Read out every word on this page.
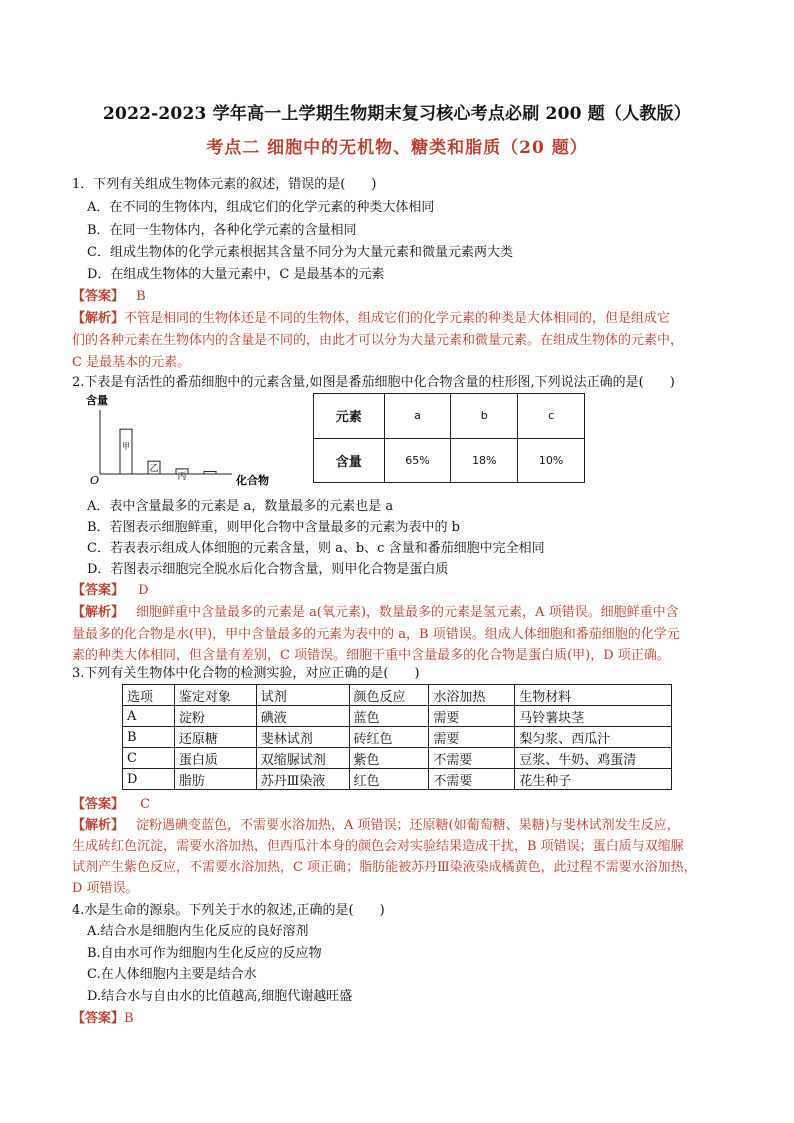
2022-2023 学年高一上学期生物期末复习核心考点必刷 200 题（人教版）
考点二 细胞中的无机物、糖类和脂质（20 题）
1．下列有关组成生物体元素的叙述，错误的是(　　)
A．在不同的生物体内，组成它们的化学元素的种类大体相同
B．在同一生物体内，各种化学元素的含量相同
C．组成生物体的化学元素根据其含量不同分为大量元素和微量元素两大类
D．在组成生物体的大量元素中，C 是最基本的元素
【答案】 B
【解析】不管是相同的生物体还是不同的生物体，组成它们的化学元素的种类是大体相同的，但是组成它
们的各种元素在生物体内的含量是不同的，由此才可以分为大量元素和微量元素。在组成生物体的元素中，
C 是最基本的元素。
2.下表是有活性的番茄细胞中的元素含量,如图是番茄细胞中化合物含量的柱形图,下列说法正确的是(　　)
含量
甲
乙
丙
O	化合物
元素	a	b	c
含量	65%	18%	10%
A．表中含量最多的元素是 a，数量最多的元素也是 a
B．若图表示细胞鲜重，则甲化合物中含量最多的元素为表中的 b
C．若表表示组成人体细胞的元素含量，则 a、b、c 含量和番茄细胞中完全相同
D．若图表示细胞完全脱水后化合物含量，则甲化合物是蛋白质
【答案】 D
【解析】 细胞鲜重中含量最多的元素是 a(氧元素)，数量最多的元素是氢元素，A 项错误。细胞鲜重中含
量最多的化合物是水(甲)，甲中含量最多的元素为表中的 a，B 项错误。组成人体细胞和番茄细胞的化学元
素的种类大体相同，但含量有差别，C 项错误。细胞干重中含量最多的化合物是蛋白质(甲)，D 项正确。
3.下列有关生物体中化合物的检测实验，对应正确的是(　　)
选项	鉴定对象	试剂	颜色反应	水浴加热	生物材料
A	淀粉	碘液	蓝色	需要	马铃薯块茎
B	还原糖	斐林试剂	砖红色	需要	梨匀浆、西瓜汁
C	蛋白质	双缩脲试剂	紫色	不需要	豆浆、牛奶、鸡蛋清
D	脂肪	苏丹Ⅲ染液	红色	不需要	花生种子
【答案】 C
【解析】 淀粉遇碘变蓝色，不需要水浴加热，A 项错误；还原糖(如葡萄糖、果糖)与斐林试剂发生反应，
生成砖红色沉淀，需要水浴加热，但西瓜汁本身的颜色会对实验结果造成干扰，B 项错误；蛋白质与双缩脲
试剂产生紫色反应，不需要水浴加热，C 项正确；脂肪能被苏丹Ⅲ染液染成橘黄色，此过程不需要水浴加热，
D 项错误。
4.水是生命的源泉。下列关于水的叙述,正确的是(　　)
A.结合水是细胞内生化反应的良好溶剂
B.自由水可作为细胞内生化反应的反应物
C.在人体细胞内主要是结合水
D.结合水与自由水的比值越高,细胞代谢越旺盛
【答案】B
